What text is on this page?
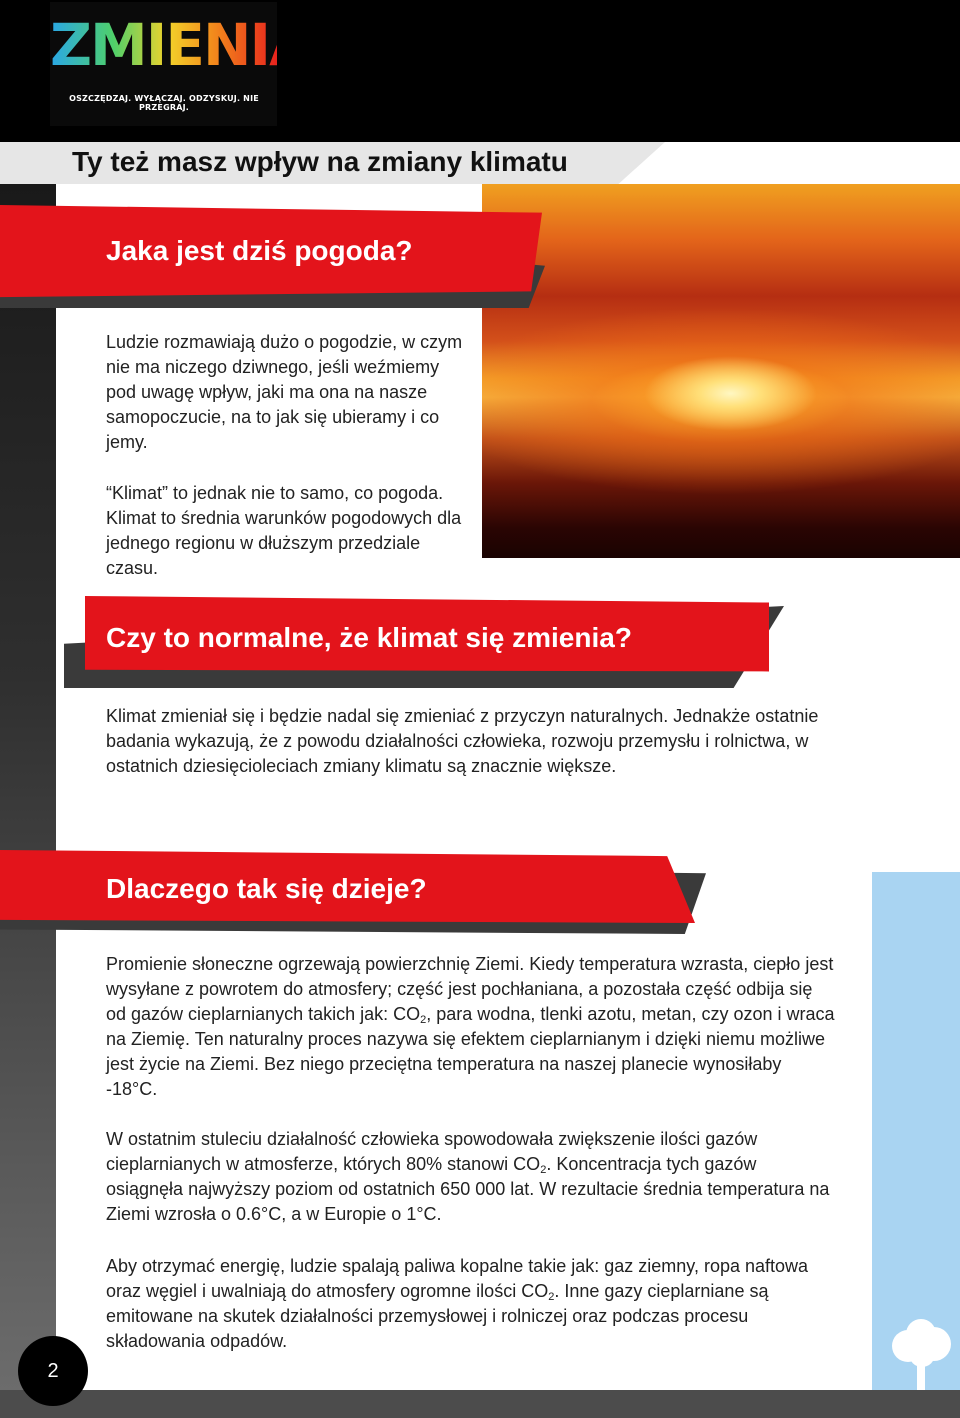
ZMIENIAJ
OSZCZĘDZAJ. WYŁĄCZAJ. ODZYSKUJ. NIE PRZEGRAJ.
Ty też masz wpływ na zmiany klimatu
Jaka jest dziś pogoda?

Ludzie rozmawiają dużo o pogodzie, w czym nie ma niczego dziwnego, jeśli weźmiemy pod uwagę wpływ, jaki ma ona na nasze samopoczucie, na to jak się ubieramy i co jemy.

“Klimat” to jednak nie to samo, co pogoda. Klimat to średnia warunków pogodowych dla jednego regionu w dłuższym przedziale czasu.

Czy to normalne, że klimat się zmienia?

Klimat zmieniał się i będzie nadal się zmieniać z przyczyn naturalnych. Jednakże ostatnie badania wykazują, że z powodu działalności człowieka, rozwoju przemysłu i rolnictwa, w ostatnich dziesięcioleciach zmiany klimatu są znacznie większe.

Dlaczego tak się dzieje?

Promienie słoneczne ogrzewają powierzchnię Ziemi. Kiedy temperatura wzrasta, ciepło jest wysyłane z powrotem do atmosfery; część jest pochłaniana, a pozostała część odbija się od gazów cieplarnianych takich jak: $CO_2$, para wodna, tlenki azotu, metan, czy ozon i wraca na Ziemię. Ten naturalny proces nazywa się efektem cieplarnianym i dzięki niemu możliwe jest życie na Ziemi. Bez niego przeciętna temperatura na naszej planecie wynosiłaby -18°C.

W ostatnim stuleciu działalność człowieka spowodowała zwiększenie ilości gazów cieplarnianych w atmosferze, których 80% stanowi $CO_2$. Koncentracja tych gazów osiągnęła najwyższy poziom od ostatnich 650 000 lat. W rezultacie średnia temperatura na Ziemi wzrosła o 0.6°C, a w Europie o 1°C.

Aby otrzymać energię, ludzie spalają paliwa kopalne takie jak: gaz ziemny, ropa naftowa oraz węgiel i uwalniają do atmosfery ogromne ilości $CO_2$. Inne gazy cieplarniane są emitowane na skutek działalności przemysłowej i rolniczej oraz podczas procesu składowania odpadów.

2
